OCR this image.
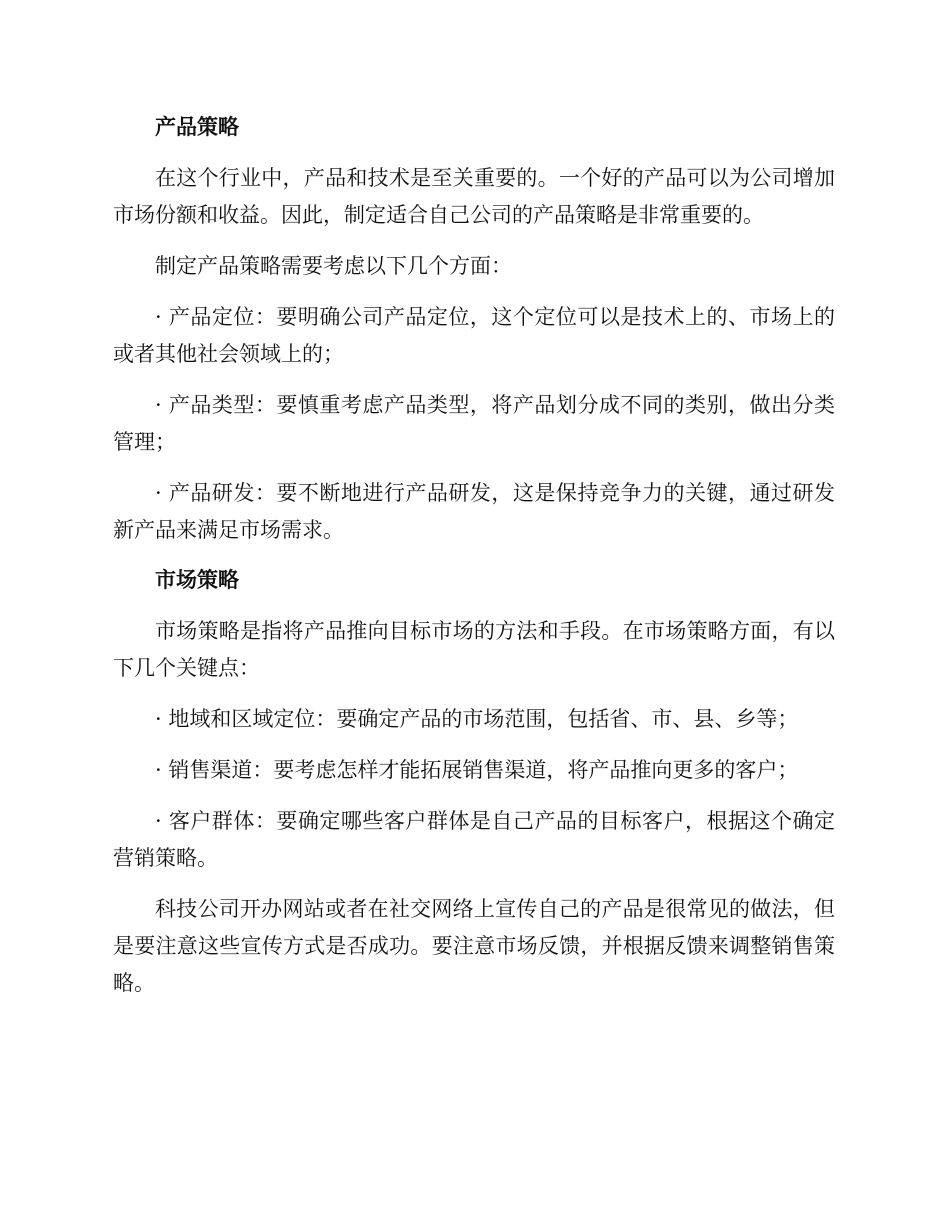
产品策略

在这个行业中，产品和技术是至关重要的。一个好的产品可以为公司增加市场份额和收益。因此，制定适合自己公司的产品策略是非常重要的。

制定产品策略需要考虑以下几个方面：

· 产品定位：要明确公司产品定位，这个定位可以是技术上的、市场上的或者其他社会领域上的；

· 产品类型：要慎重考虑产品类型，将产品划分成不同的类别，做出分类管理；

· 产品研发：要不断地进行产品研发，这是保持竞争力的关键，通过研发新产品来满足市场需求。

市场策略

市场策略是指将产品推向目标市场的方法和手段。在市场策略方面，有以下几个关键点：

· 地域和区域定位：要确定产品的市场范围，包括省、市、县、乡等；

· 销售渠道：要考虑怎样才能拓展销售渠道，将产品推向更多的客户；

· 客户群体：要确定哪些客户群体是自己产品的目标客户，根据这个确定营销策略。

科技公司开办网站或者在社交网络上宣传自己的产品是很常见的做法，但是要注意这些宣传方式是否成功。要注意市场反馈，并根据反馈来调整销售策略。
